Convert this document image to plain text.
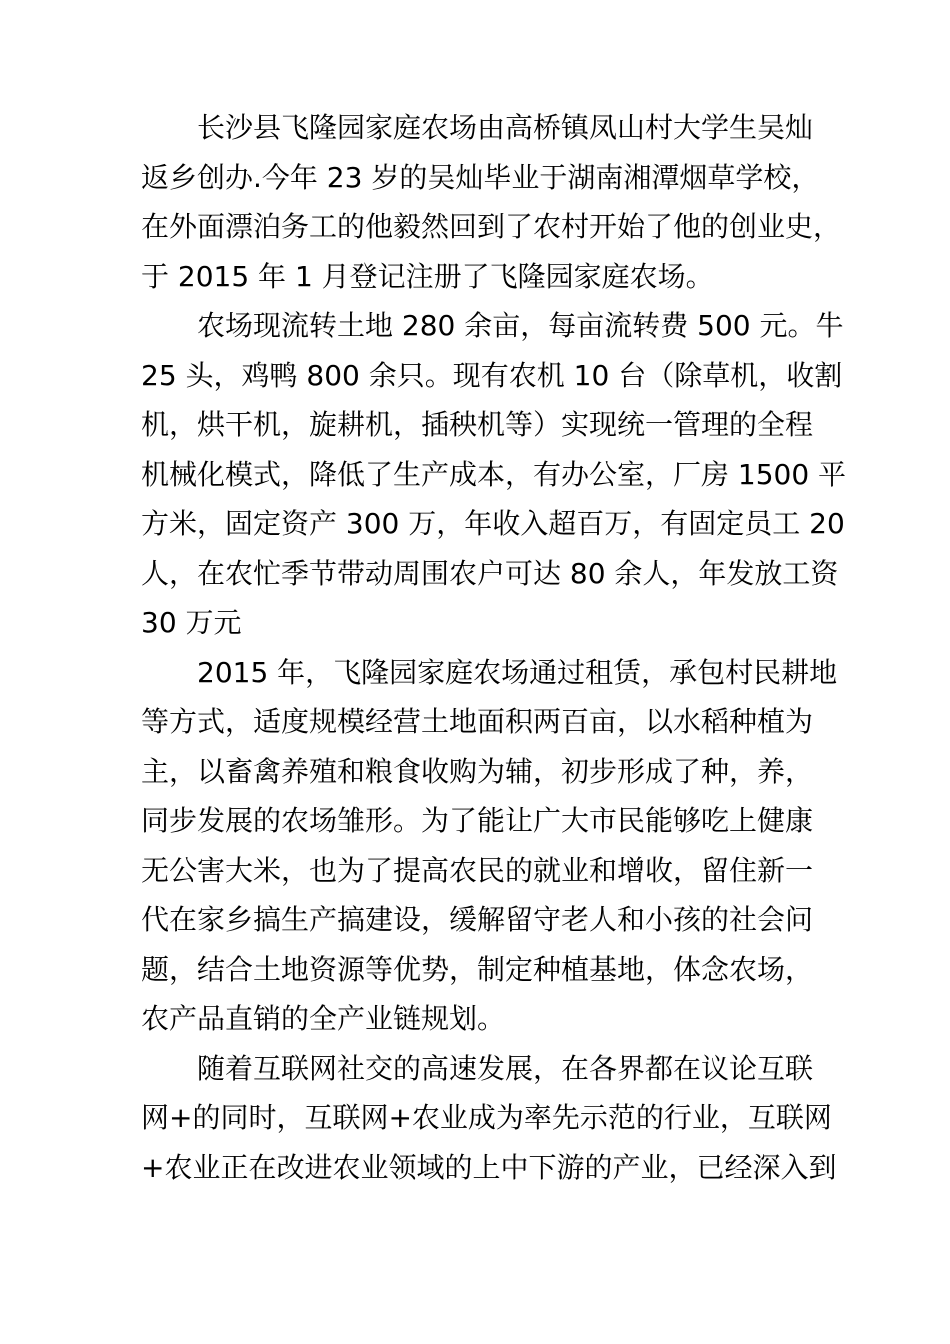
长沙县飞隆园家庭农场由高桥镇凤山村大学生吴灿
返乡创办.今年 23 岁的吴灿毕业于湖南湘潭烟草学校，
在外面漂泊务工的他毅然回到了农村开始了他的创业史，
于 2015 年 1 月登记注册了飞隆园家庭农场。
农场现流转土地 280 余亩，每亩流转费 500 元。牛
25 头，鸡鸭 800 余只。现有农机 10 台（除草机，收割
机，烘干机，旋耕机，插秧机等）实现统一管理的全程
机械化模式，降低了生产成本，有办公室，厂房 1500 平
方米，固定资产 300 万，年收入超百万，有固定员工 20
人，在农忙季节带动周围农户可达 80 余人，年发放工资
30 万元
2015 年，飞隆园家庭农场通过租赁，承包村民耕地
等方式，适度规模经营土地面积两百亩，以水稻种植为
主，以畜禽养殖和粮食收购为辅，初步形成了种，养，
同步发展的农场雏形。为了能让广大市民能够吃上健康
无公害大米，也为了提高农民的就业和增收，留住新一
代在家乡搞生产搞建设，缓解留守老人和小孩的社会问
题，结合土地资源等优势，制定种植基地，体念农场，
农产品直销的全产业链规划。
随着互联网社交的高速发展，在各界都在议论互联
网+的同时，互联网+农业成为率先示范的行业，互联网
+农业正在改进农业领域的上中下游的产业，已经深入到
